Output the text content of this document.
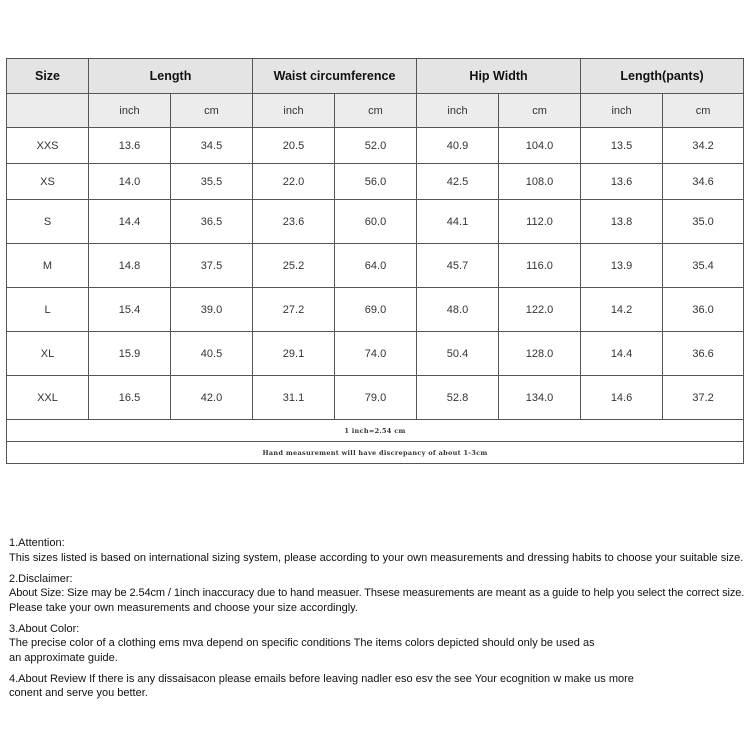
Size	Length		Waist circumference		Hip Width		Length(pants)	
	inch	cm	inch	cm	inch	cm	inch	cm
XXS	13.6	34.5	20.5	52.0	40.9	104.0	13.5	34.2
XS	14.0	35.5	22.0	56.0	42.5	108.0	13.6	34.6
S	14.4	36.5	23.6	60.0	44.1	112.0	13.8	35.0
M	14.8	37.5	25.2	64.0	45.7	116.0	13.9	35.4
L	15.4	39.0	27.2	69.0	48.0	122.0	14.2	36.0
XL	15.9	40.5	29.1	74.0	50.4	128.0	14.4	36.6
XXL	16.5	42.0	31.1	79.0	52.8	134.0	14.6	37.2
1 inch=2.54 cm								
Hand measurement will have discrepancy of about 1-3cm								
1.Attention:
This sizes listed is based on international sizing system, please according to your own measurements and dressing habits to choose your suitable size.
2.Disclaimer:
About Size: Size may be 2.54cm / 1inch inaccuracy due to hand measuer. Thsese measurements are meant as a guide to help you select the correct size.
Please take your own measurements and choose your size accordingly.
3.About Color:
The precise color of a clothing ems mva depend on specific conditions The items colors depicted should only be used as
an approximate guide.
4.About Review If there is any dissaisacon please emails before leaving nadler eso esv the see Your ecognition w make us more
conent and serve you better.
